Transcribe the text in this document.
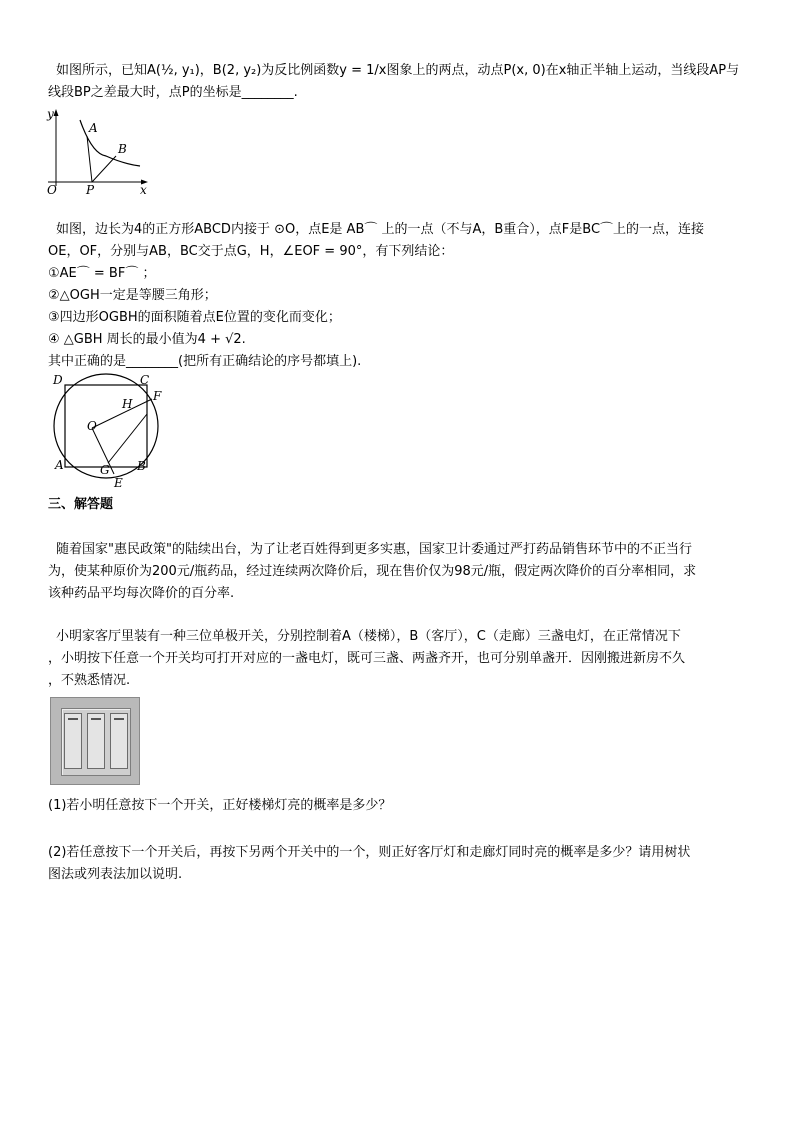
如图所示，已知A(½, y₁)，B(2, y₂)为反比例函数y = 1/x图象上的两点，动点P(x, 0)在x轴正半轴上运动，当线段AP与
线段BP之差最大时，点P的坐标是________.
y
A
B
O P	x
如图，边长为4的正方形ABCD内接于 ⊙O，点E是 AB⌒ 上的一点（不与A，B重合），点F是BC⌒上的一点，连接
OE，OF，分别与AB，BC交于点G，H，∠EOF = 90°，有下列结论：
①AE⌒ = BF⌒ ；
②△OGH一定是等腰三角形；
③四边形OGBH的面积随着点E位置的变化而变化；
④ △GBH 周长的最小值为4 + √2.
其中正确的是________(把所有正确结论的序号都填上).
D	C
H
F
O
A	G B
E
三、解答题
随着国家"惠民政策"的陆续出台，为了让老百姓得到更多实惠，国家卫计委通过严打药品销售环节中的不正当行
为，使某种原价为200元/瓶药品，经过连续两次降价后，现在售价仅为98元/瓶，假定两次降价的百分率相同，求
该种药品平均每次降价的百分率.
小明家客厅里装有一种三位单极开关，分别控制着A（楼梯），B（客厅），C（走廊）三盏电灯，在正常情况下
，小明按下任意一个开关均可打开对应的一盏电灯，既可三盏、两盏齐开，也可分别单盏开．因刚搬进新房不久
，不熟悉情况.
(1)若小明任意按下一个开关，正好楼梯灯亮的概率是多少？
(2)若任意按下一个开关后，再按下另两个开关中的一个，则正好客厅灯和走廊灯同时亮的概率是多少？请用树状
图法或列表法加以说明.
